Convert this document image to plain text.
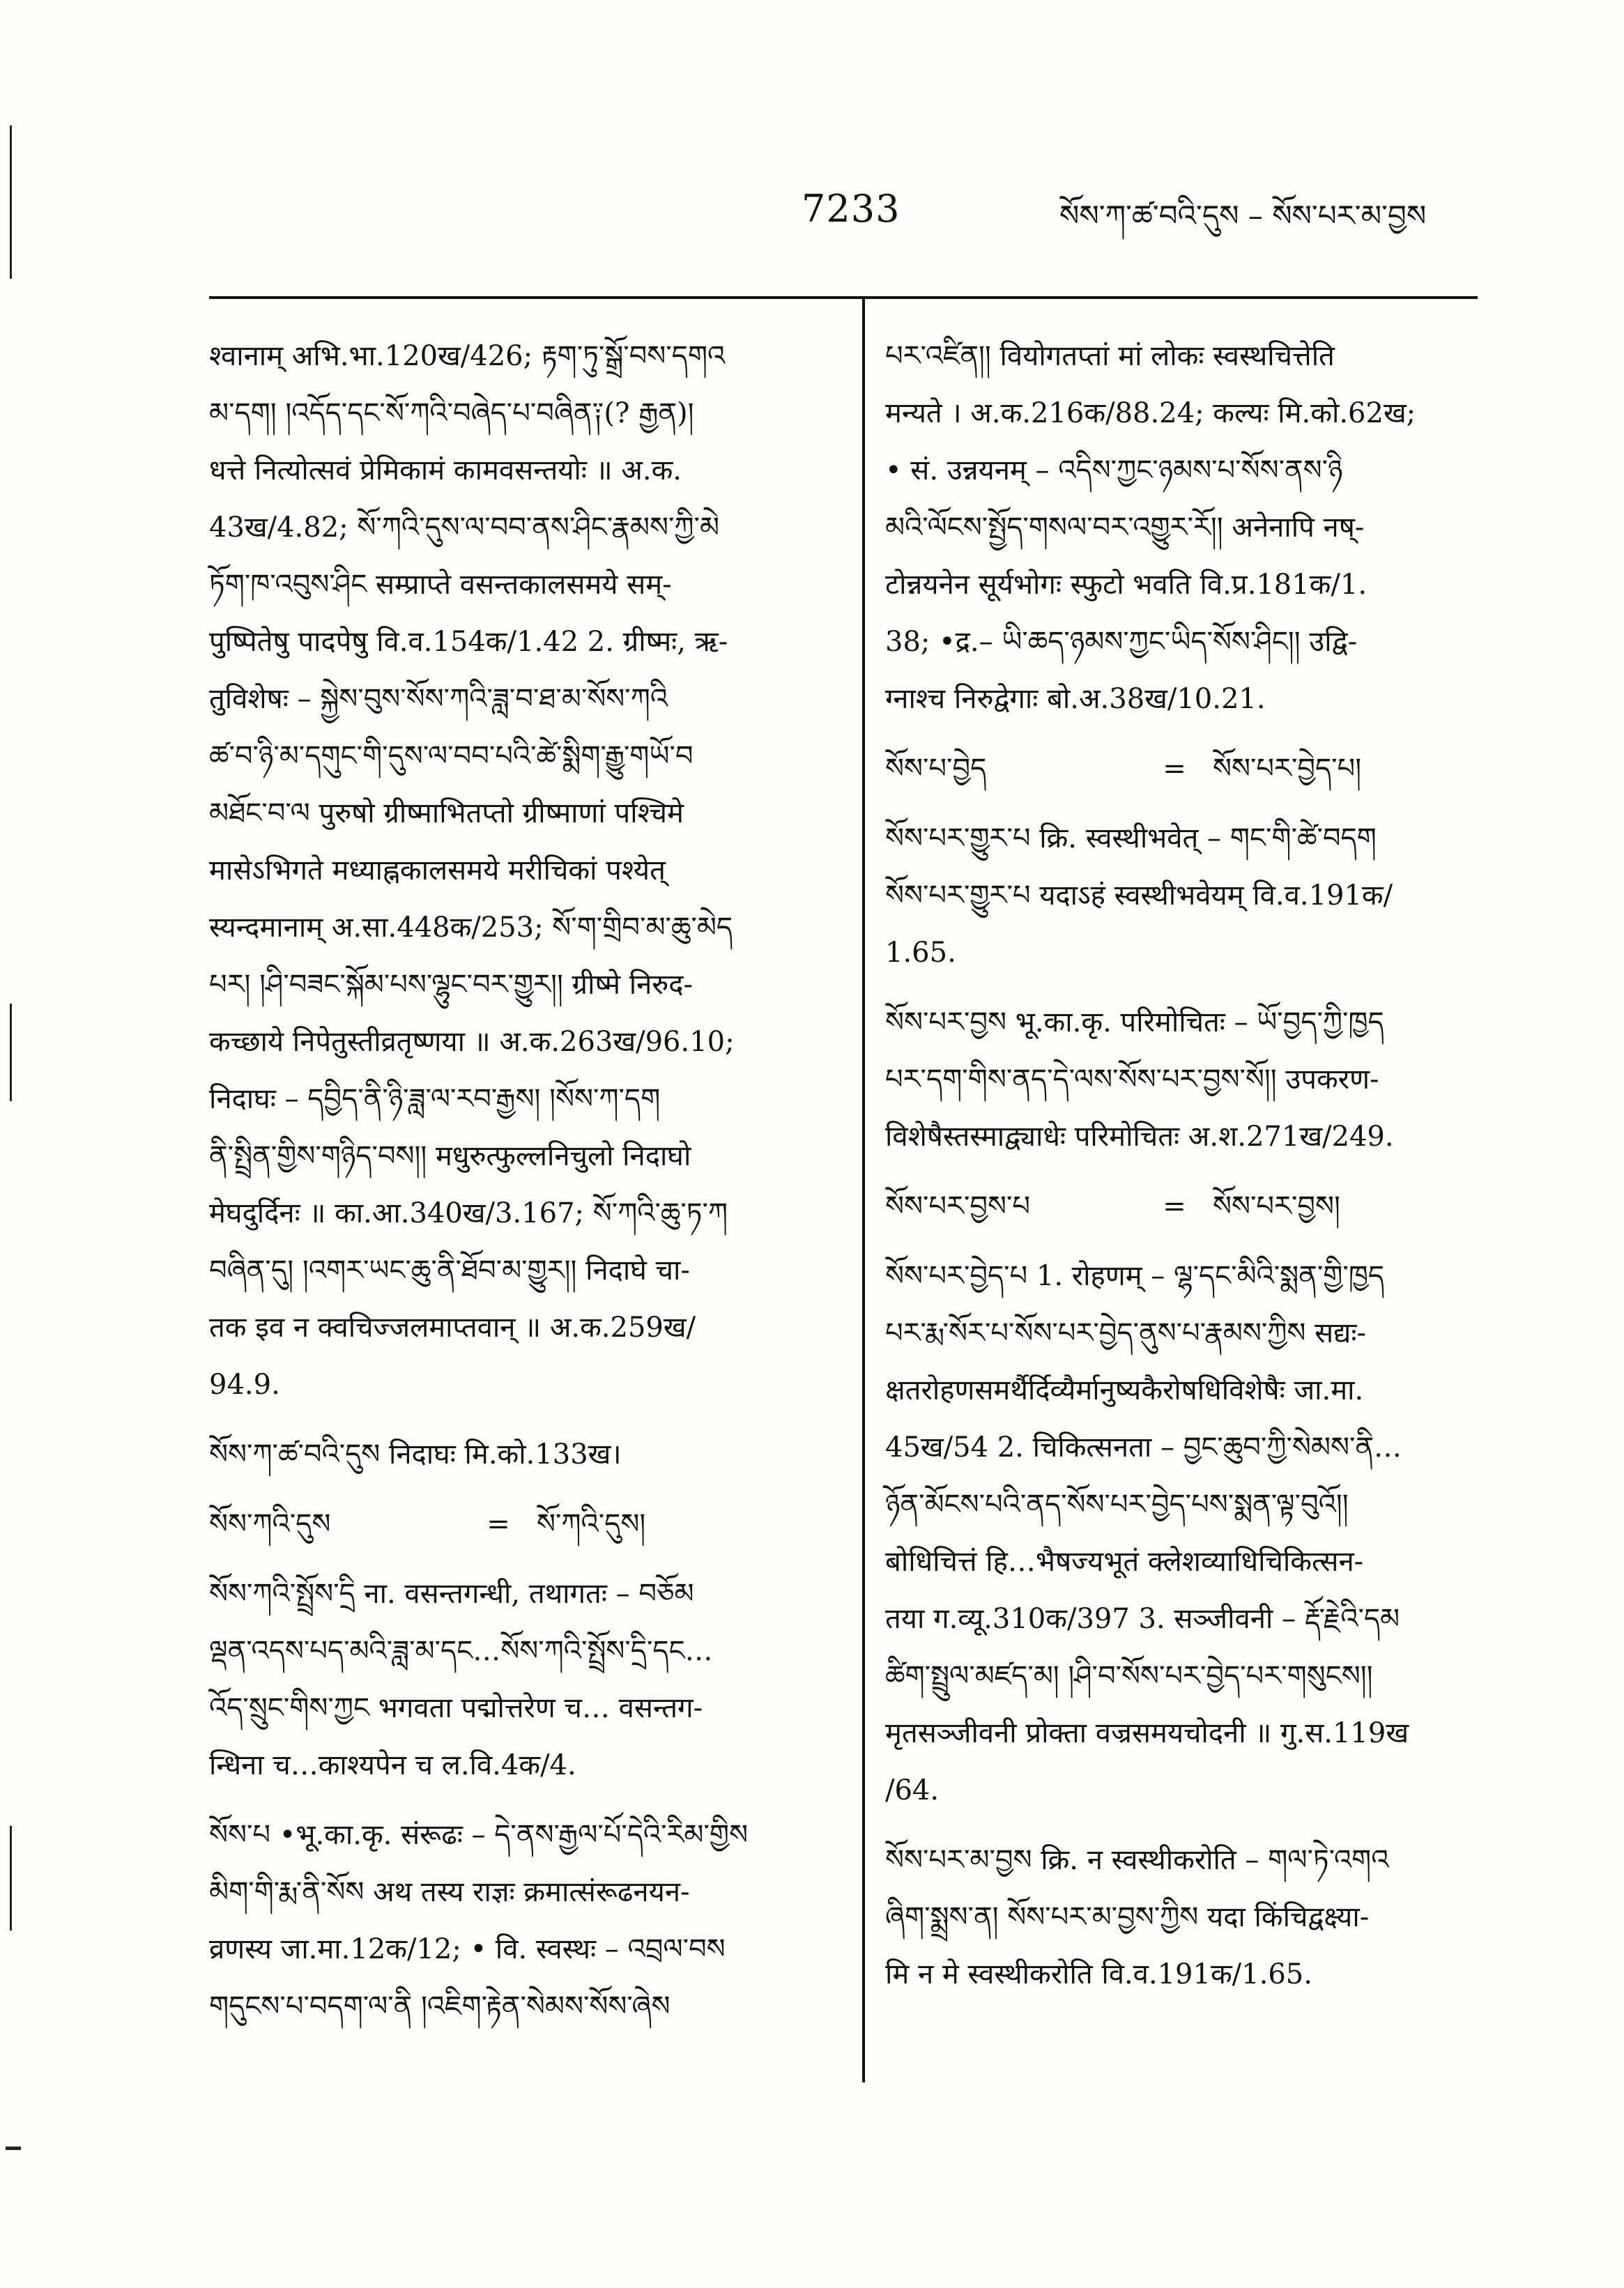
7233	སོས་ཀ་ཚ་བའི་དུས – སོས་པར་མ་བྱས

श्वानाम् अभि.भा.120ख/426; རྟག་ཏུ་སྒྲོ་བས་དགའ

མ་དག། །འདོད་དང་སོ་ཀའི་བཞེད་པ་བཞིན༑(? རྒྱན)།

धत्ते नित्योत्सवं प्रेमिकामं कामवसन्तयोः ॥ अ.क.

43ख/4.82; སོ་ཀའི་དུས་ལ་བབ་ནས་ཤིང་རྣམས་ཀྱི་མེ

ཏོག་ཁ་འབུས་ཤིང सम्प्राप्ते वसन्तकालसमये सम्-

पुष्पितेषु पादपेषु वि.व.154क/1.42 2. ग्रीष्मः, ऋ-

तुविशेषः – སྐྱེས་བུས་སོས་ཀའི་ཟླ་བ་ཐ་མ་སོས་ཀའི

ཚ་བ་ཉི་མ་དགུང་གི་དུས་ལ་བབ་པའི་ཚེ་སྨིག་རྒྱུ་གཡོ་བ

མཐོང་བ་ལ पुरुषो ग्रीष्माभितप्तो ग्रीष्माणां पश्चिमे

मासेऽभिगते मध्याह्नकालसमये मरीचिकां पश्येत्

स्यन्दमानाम् अ.सा.448क/253; སོ་ག་གྲིབ་མ་ཆུ་མེད

པར། །ཤི་བཟང་སྐོམ་པས་ལྷུང་བར་གྱུར།། ग्रीष्मे निरुद-

कच्छाये निपेतुस्तीव्रतृष्णया ॥ अ.क.263ख/96.10;

निदाघः – དབྱིད་ནི་ཉི་ཟླ་ལ་རབ་རྒྱས། །སོས་ཀ་དག

ནི་སྤྲིན་གྱིས་གཉིད་བས།། मधुरुत्फुल्लनिचुलो निदाघो

मेघदुर्दिनः ॥ का.आ.340ख/3.167; སོ་ཀའི་ཆུ་ཏ་ཀ

བཞིན་དུ། །འགར་ཡང་ཆུ་ནི་ཐོབ་མ་གྱུར།། निदाघे चा-

तक इव न क्वचिज्जलमाप्तवान् ॥ अ.क.259ख/

94.9.

སོས་ཀ་ཚ་བའི་དུས निदाघः मि.को.133ख।

སོས་ཀའི་དུས	= སོ་ཀའི་དུས།

སོས་ཀའི་སྤྲོས་དྲི ना. वसन्तगन्धी, तथागतः – བཅོམ

ལྡན་འདས་པད་མའི་ཟླ་མ་དང…སོས་ཀའི་སྤྲོས་དྲི་དང…

འོད་སྲུང་གིས་ཀྱང भगवता पद्मोत्तरेण च… वसन्तग-

न्धिना च…काश्यपेन च ल.वि.4क/4.

སོས་པ •भू.का.कृ. संरूढः – དེ་ནས་རྒྱལ་པོ་དེའི་རིམ་གྱིས

མིག་གི་རྨ་ནི་སོས अथ तस्य राज्ञः क्रमात्संरूढनयन-

व्रणस्य जा.मा.12क/12; • वि. स्वस्थः – འབྲལ་བས

གདུངས་པ་བདག་ལ་ནི །འཇིག་རྟེན་སེམས་སོས་ཞེས

པར་འཛིན།། वियोगतप्तां मां लोकः स्वस्थचित्तेति

मन्यते । अ.क.216क/88.24; कल्यः मि.को.62ख;

• सं. उन्नयनम् – འདིས་ཀྱང་ཉམས་པ་སོས་ནས་ཉི

མའི་ལོངས་སྤྱོད་གསལ་བར་འགྱུར་རོ།། अनेनापि नष्-

टोन्नयनेन सूर्यभोगः स्फुटो भवति वि.प्र.181क/1.

38; •द्र.– ཡི་ཆད་ཉམས་ཀྱང་ཡིད་སོས་ཤིང།། उद्वि-

ग्नाश्च निरुद्वेगाः बो.अ.38ख/10.21.

སོས་པ་བྱེད	= སོས་པར་བྱེད་པ།

སོས་པར་གྱུར་པ क्रि. स्वस्थीभवेत् – གང་གི་ཚེ་བདག

སོས་པར་གྱུར་པ यदाऽहं स्वस्थीभवेयम् वि.व.191क/

1.65.

སོས་པར་བྱས भू.का.कृ. परिमोचितः – ཡོ་བྱད་ཀྱི་ཁྱད

པར་དག་གིས་ནད་དེ་ལས་སོས་པར་བྱས་སོ།། उपकरण-

विशेषैस्तस्माद्व्याधेः परिमोचितः अ.श.271ख/249.

སོས་པར་བྱས་པ	= སོས་པར་བྱས།

སོས་པར་བྱེད་པ 1. रोहणम् – ལྷ་དང་མིའི་སྨན་གྱི་ཁྱད

པར་རྨ་སོར་པ་སོས་པར་བྱེད་ནུས་པ་རྣམས་ཀྱིས सद्यः-

क्षतरोहणसमर्थैर्दिव्यैर्मानुष्यकैरोषधिविशेषैः जा.मा.

45ख/54 2. चिकित्सनता – བྱང་ཆུབ་ཀྱི་སེམས་ནི…

ཉོན་མོངས་པའི་ནད་སོས་པར་བྱེད་པས་སྨན་ལྟ་བུའོ།།

बोधिचित्तं हि…भैषज्यभूतं क्लेशव्याधिचिकित्सन-

तया ग.व्यू.310क/397 3. सञ्जीवनी – རྡོ་རྗེའི་དམ

ཚིག་སྤྲུལ་མཛད་མ། །ཤི་བ་སོས་པར་བྱེད་པར་གསུངས།།

मृतसञ्जीवनी प्रोक्ता वज्रसमयचोदनी ॥ गु.स.119ख

/64.

སོས་པར་མ་བྱས क्रि. न स्वस्थीकरोति – གལ་ཏེ་འགའ

ཞིག་སྨྲས་ན། སོས་པར་མ་བྱས་ཀྱིས यदा किंचिद्वक्ष्या-

मि न मे स्वस्थीकरोति वि.व.191क/1.65.
